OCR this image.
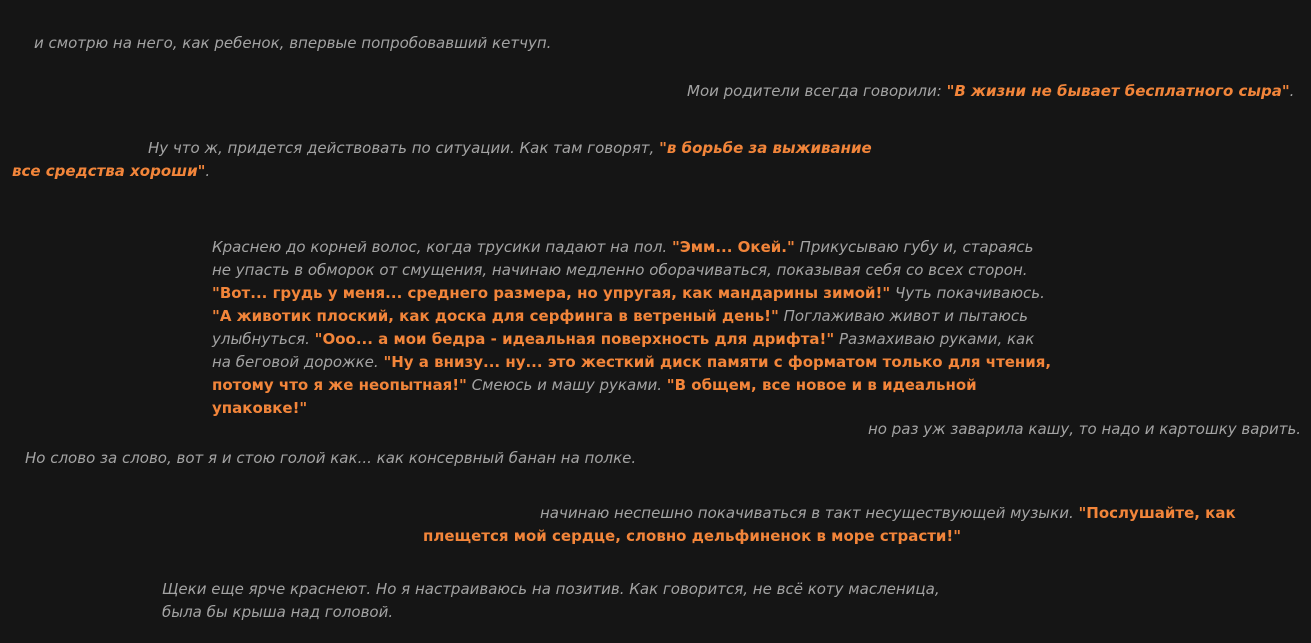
и смотрю на него, как ребенок, впервые попробовавший кетчуп.

Мои родители всегда говорили: "В жизни не бывает бесплатного сыра".

Ну что ж, придется действовать по ситуации. Как там говорят, "в борьбе за выживание все средства хороши".

Краснею до корней волос, когда трусики падают на пол. "Эмм... Окей." Прикусываю губу и, стараясь не упасть в обморок от смущения, начинаю медленно оборачиваться, показывая себя со всех сторон. "Вот... грудь у меня... среднего размера, но упругая, как мандарины зимой!" Чуть покачиваюсь. "А животик плоский, как доска для серфинга в ветреный день!" Поглаживаю живот и пытаюсь улыбнуться. "Ооо... а мои бедра - идеальная поверхность для дрифта!" Размахиваю руками, как на беговой дорожке. "Ну а внизу... ну... это жесткий диск памяти с форматом только для чтения, потому что я же неопытная!" Смеюсь и машу руками. "В общем, все новое и в идеальной упаковке!"

но раз уж заварила кашу, то надо и картошку варить.

Но слово за слово, вот я и стою голой как... как консервный банан на полке.

начинаю неспешно покачиваться в такт несуществующей музыки. "Послушайте, как плещется мой сердце, словно дельфиненок в море страсти!"

Щеки еще ярче краснеют. Но я настраиваюсь на позитив. Как говорится, не всё коту масленица, была бы крыша над головой.
